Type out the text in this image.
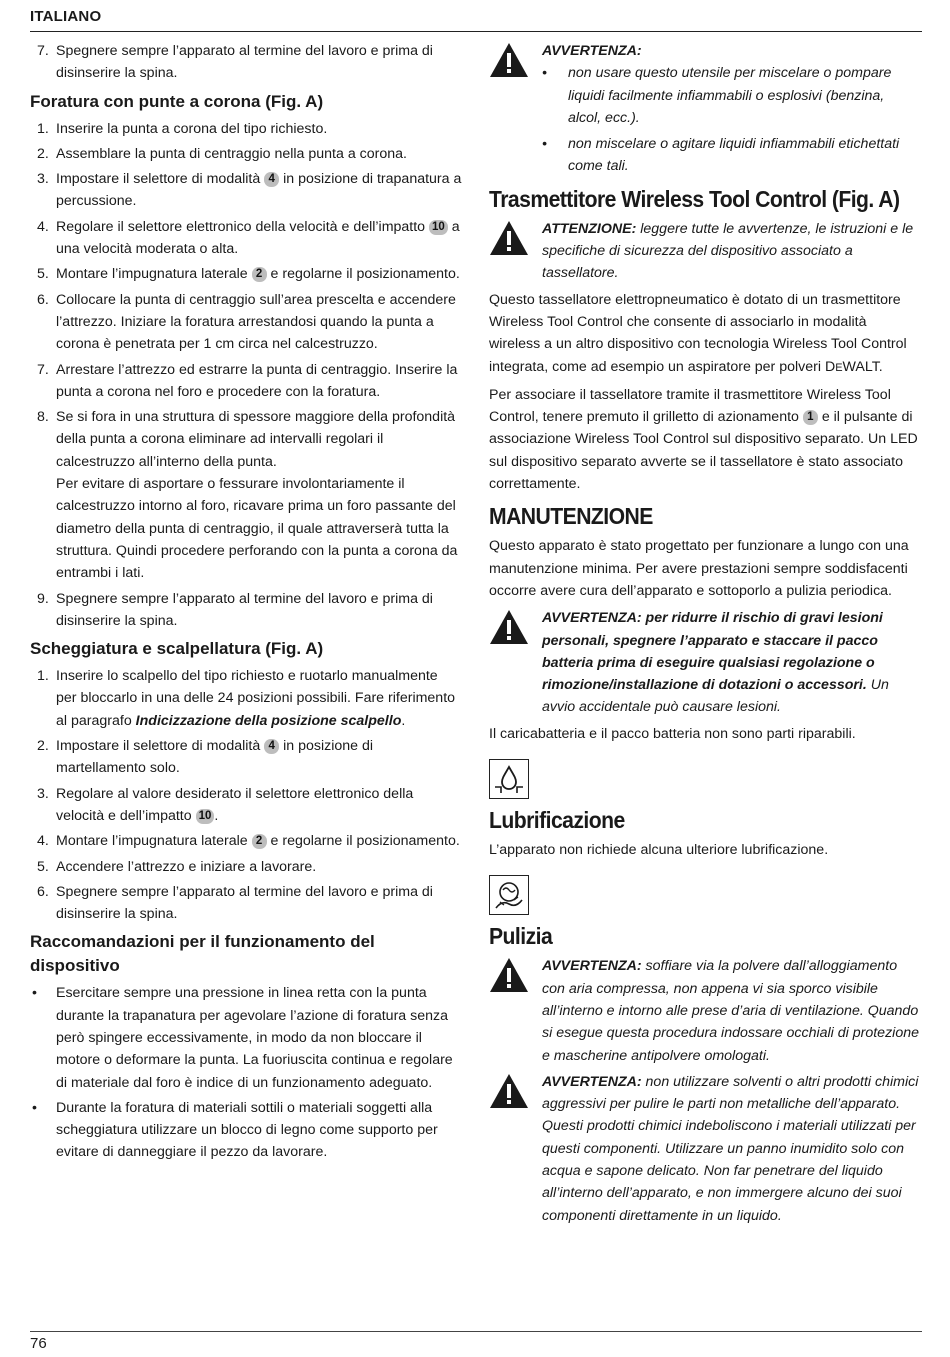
ITALIANO
7. Spegnere sempre l’apparato al termine del lavoro e prima di disinserire la spina.
Foratura con punte a corona (Fig. A)
1. Inserire la punta a corona del tipo richiesto.
2. Assemblare la punta di centraggio nella punta a corona.
3. Impostare il selettore di modalità 4 in posizione di trapanatura a percussione.
4. Regolare il selettore elettronico della velocità e dell’impatto 10 a una velocità moderata o alta.
5. Montare l’impugnatura laterale 2 e regolarne il posizionamento.
6. Collocare la punta di centraggio sull’area prescelta e accendere l’attrezzo. Iniziare la foratura arrestandosi quando la punta a corona è penetrata per 1 cm circa nel calcestruzzo.
7. Arrestare l’attrezzo ed estrarre la punta di centraggio. Inserire la punta a corona nel foro e procedere con la foratura.
8. Se si fora in una struttura di spessore maggiore della profondità della punta a corona eliminare ad intervalli regolari il calcestruzzo all’interno della punta.

Per evitare di asportare o fessurare involontariamente il calcestruzzo intorno al foro, ricavare prima un foro passante del diametro della punta di centraggio, il quale attraverserà tutta la struttura. Quindi procedere perforando con la punta a corona da entrambi i lati.

9. Spegnere sempre l’apparato al termine del lavoro e prima di disinserire la spina.
Scheggiatura e scalpellatura (Fig. A)
1. Inserire lo scalpello del tipo richiesto e ruotarlo manualmente per bloccarlo in una delle 24 posizioni possibili. Fare riferimento al paragrafo Indicizzazione della posizione scalpello.
2. Impostare il selettore di modalità 4 in posizione di martellamento solo.
3. Regolare al valore desiderato il selettore elettronico della velocità e dell’impatto 10 .
4. Montare l’impugnatura laterale 2 e regolarne il posizionamento.
5. Accendere l’attrezzo e iniziare a lavorare.
6. Spegnere sempre l’apparato al termine del lavoro e prima di disinserire la spina.
Raccomandazioni per il funzionamento del dispositivo
• Esercitare sempre una pressione in linea retta con la punta durante la trapanatura per agevolare l’azione di foratura senza però spingere eccessivamente, in modo da non bloccare il motore o deformare la punta. La fuoriuscita continua e regolare di materiale dal foro è indice di un funzionamento adeguato.
• Durante la foratura di materiali sottili o materiali soggetti alla scheggiatura utilizzare un blocco di legno come supporto per evitare di danneggiare il pezzo da lavorare.
AVVERTENZA:
• non usare questo utensile per miscelare o pompare liquidi facilmente infiammabili o esplosivi (benzina, alcol, ecc.).
• non miscelare o agitare liquidi infiammabili etichettati come tali.
Trasmettitore Wireless Tool Control (Fig. A)
ATTENZIONE: leggere tutte le avvertenze, le istruzioni e le specifiche di sicurezza del dispositivo associato a tassellatore.

Questo tassellatore elettropneumatico è dotato di un trasmettitore Wireless Tool Control che consente di associarlo in modalità wireless a un altro dispositivo con tecnologia Wireless Tool Control integrata, come ad esempio un aspiratore per polveri DEWALT.

Per associare il tassellatore tramite il trasmettitore Wireless Tool Control, tenere premuto il grilletto di azionamento 1 e il pulsante di associazione Wireless Tool Control sul dispositivo separato. Un LED sul dispositivo separato avverte se il tassellatore è stato associato correttamente.

MANUTENZIONE

Questo apparato è stato progettato per funzionare a lungo con una manutenzione minima. Per avere prestazioni sempre soddisfacenti occorre avere cura dell’apparato e sottoporlo a pulizia periodica.

AVVERTENZA: per ridurre il rischio di gravi lesioni personali, spegnere l’apparato e staccare il pacco batteria prima di eseguire qualsiasi regolazione o rimozione/installazione di dotazioni o accessori. Un avvio accidentale può causare lesioni.

Il caricabatteria e il pacco batteria non sono parti riparabili.

Lubrificazione

L’apparato non richiede alcuna ulteriore lubrificazione.

Pulizia
AVVERTENZA: soffiare via la polvere dall’alloggiamento con aria compressa, non appena vi sia sporco visibile all’interno e intorno alle prese d’aria di ventilazione. Quando si esegue questa procedura indossare occhiali di protezione e mascherine antipolvere omologati.
AVVERTENZA: non utilizzare solventi o altri prodotti chimici aggressivi per pulire le parti non metalliche dell’apparato. Questi prodotti chimici indeboliscono i materiali utilizzati per questi componenti. Utilizzare un panno inumidito solo con acqua e sapone delicato. Non far penetrare del liquido all’interno dell’apparato, e non immergere alcuno dei suoi componenti direttamente in un liquido.
76
